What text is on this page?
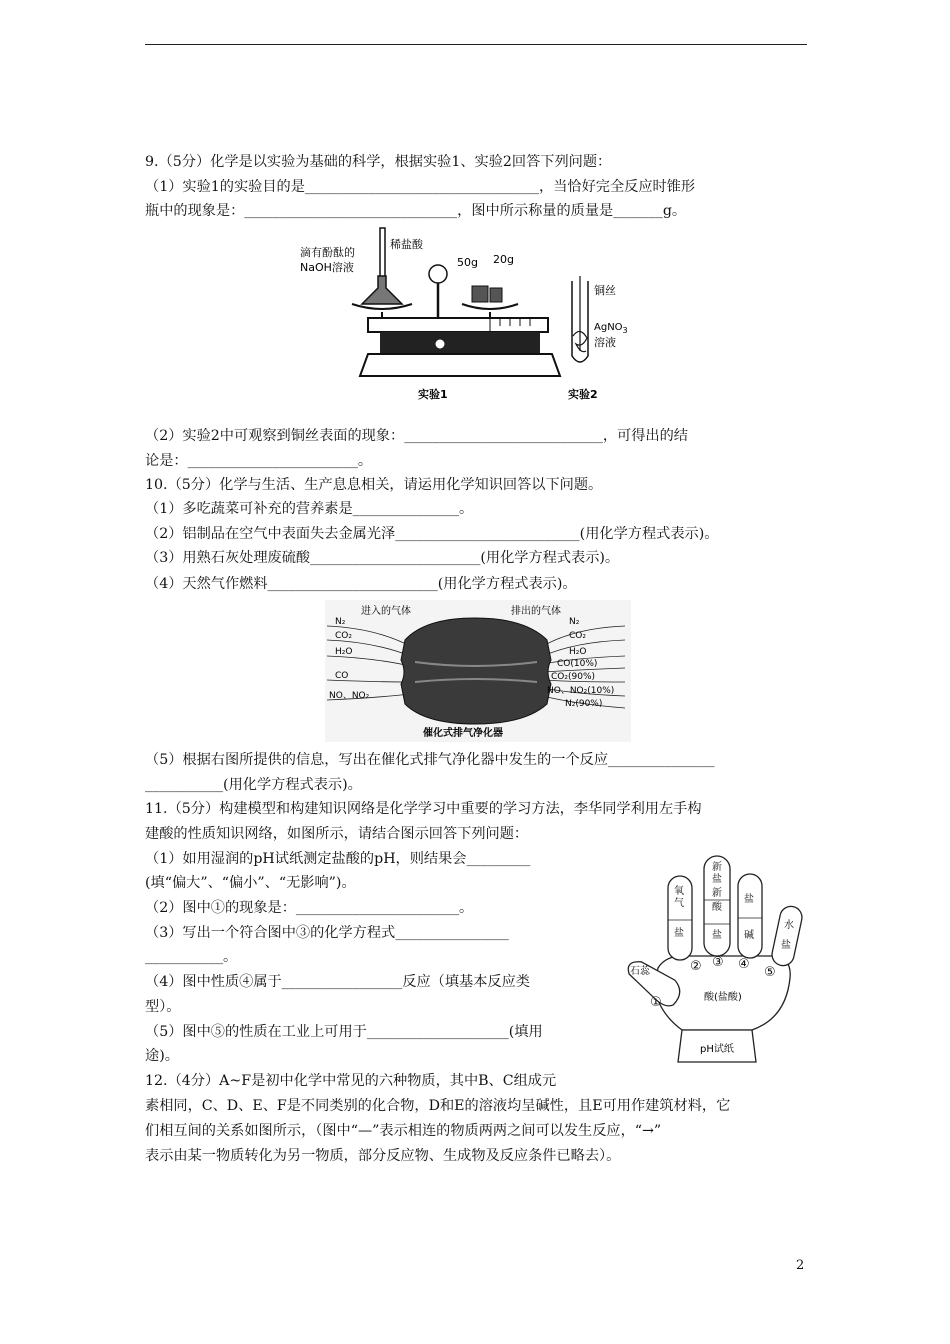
9.（5分）化学是以实验为基础的科学，根据实验1、实验2回答下列问题：
（1）实验1的实验目的是_________________________________，当恰好完全反应时锥形
瓶中的现象是：______________________________，图中所示称量的质量是_______g。
滴有酚酞的
NaOH溶液
稀盐酸
50g 20g
实验1
铜丝
AgNO$_3$
溶液
实验2
（2）实验2中可观察到铜丝表面的现象：____________________________，可得出的结
论是：________________________。
10.（5分）化学与生活、生产息息相关，请运用化学知识回答以下问题。
（1）多吃蔬菜可补充的营养素是_______________。
（2）铝制品在空气中表面失去金属光泽__________________________(用化学方程式表示)。
（3）用熟石灰处理废硫酸________________________(用化学方程式表示)。
（4）天然气作燃料________________________(用化学方程式表示)。
进入的气体	排出的气体
N₂
CO₂
H₂O
CO
NO、NO₂
N₂
CO₂
H₂O
CO(10%)
CO₂(90%)
NO、NO₂(10%)
N₂(90%)
催化式排气净化器
（5）根据右图所提供的信息，写出在催化式排气净化器中发生的一个反应_______________
___________(用化学方程式表示)。
11.（5分）构建模型和构建知识网络是化学学习中重要的学习方法，李华同学利用左手构
建酸的性质知识网络，如图所示，请结合图示回答下列问题：
（1）如用湿润的pH试纸测定盐酸的pH，则结果会_________
(填“偏大”、“偏小”、“无影响”)。
（2）图中①的现象是：_______________________。
（3）写出一个符合图中③的化学方程式________________
___________。
（4）图中性质④属于_________________反应（填基本反应类
型）。
（5）图中⑤的性质在工业上可用于____________________(填用
途)。
石蕊
氧
气
盐
新
盐
新
酸
盐
盐
碱
水
盐
①
② ③ ④
⑤
酸(盐酸)
pH试纸
12.（4分）A~F是初中化学中常见的六种物质，其中B、C组成元
素相同，C、D、E、F是不同类别的化合物，D和E的溶液均呈碱性，且E可用作建筑材料，它
们相互间的关系如图所示，（图中“—”表示相连的物质两两之间可以发生反应，“→”
表示由某一物质转化为另一物质，部分反应物、生成物及反应条件已略去）。
2
